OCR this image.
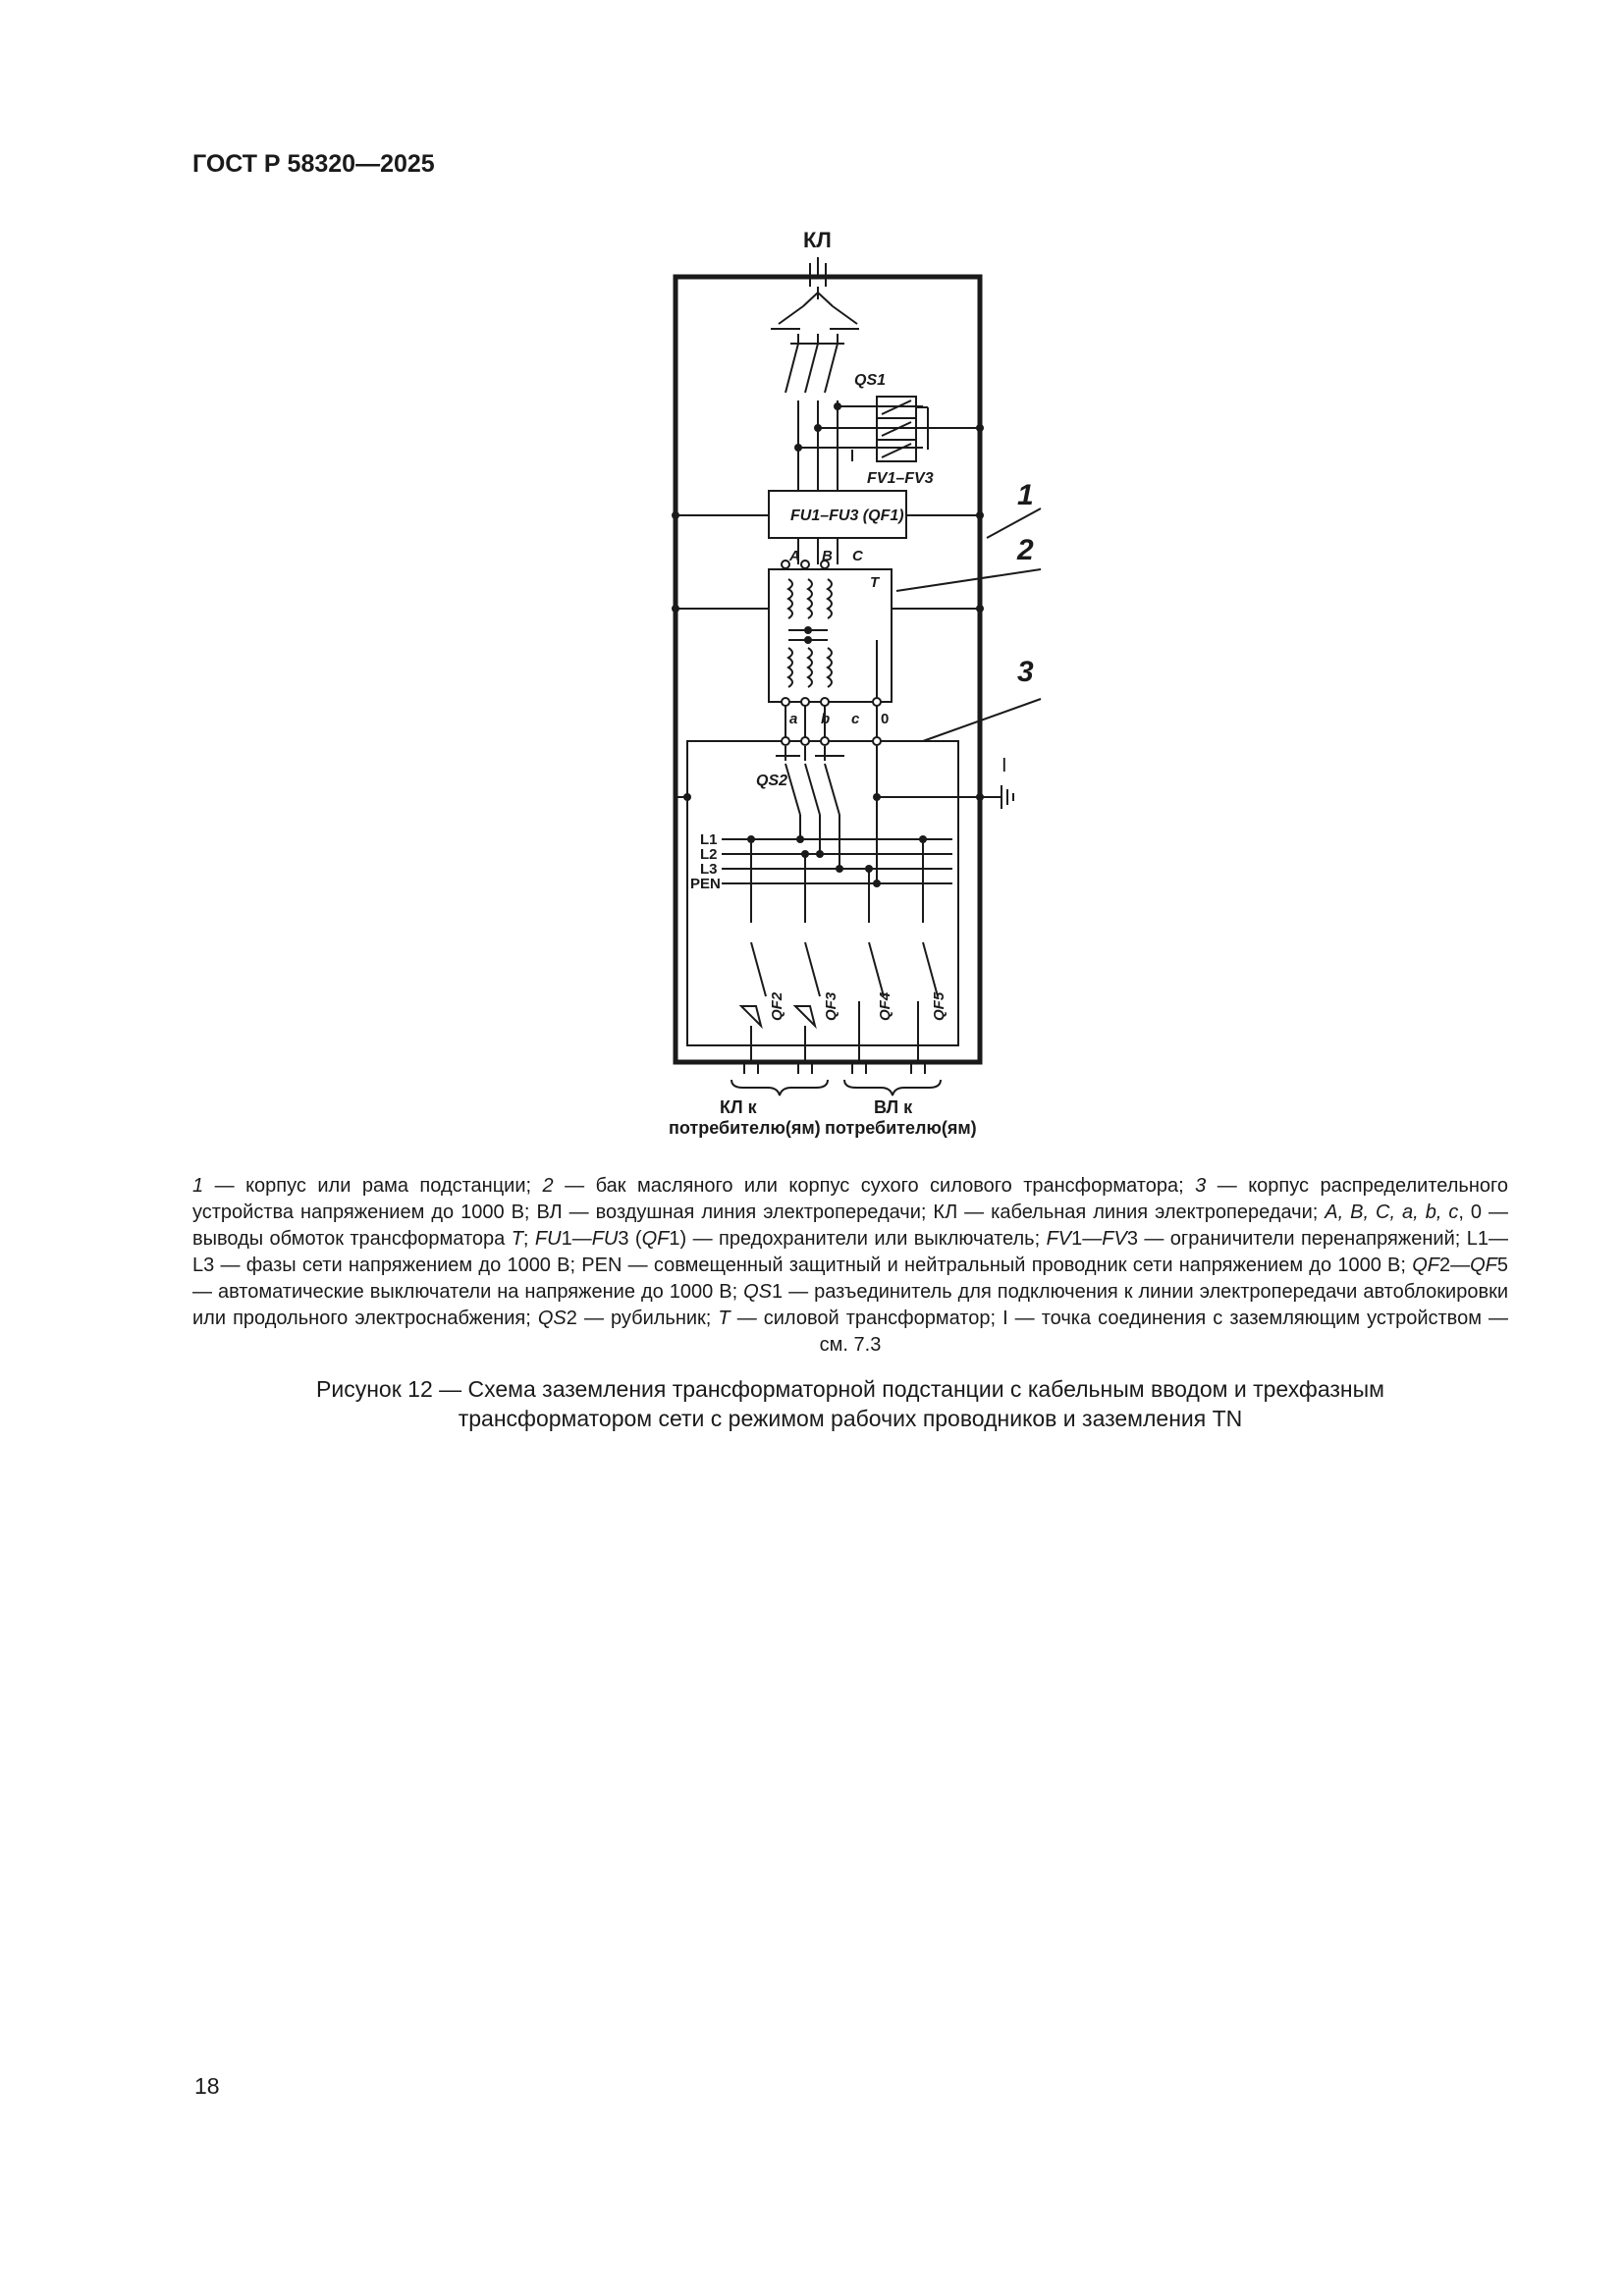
ГОСТ Р 58320—2025
КЛ
QS1
FV1–FV3
FU1–FU3 (QF1)
A B C
T
a b c 0
QS2
L1
L2
L3
PEN
QF2	QF3	QF4	QF5
1
2
3
I
КЛ к
потребителю(ям)
ВЛ к
потребителю(ям)
1 — корпус или рама подстанции; 2 — бак масляного или корпус сухого силового трансформатора; 3 — корпус распределительного устройства напряжением до 1000 В; ВЛ — воздушная линия электропередачи; КЛ — кабельная линия электропередачи; A, B, C, a, b, c, 0 — выводы обмоток трансформатора T; FU1—FU3 (QF1) — предохранители или выключатель; FV1—FV3 — ограничители перенапряжений; L1—L3 — фазы сети напряжением до 1000 В; PEN — совмещенный защитный и нейтральный проводник сети напряжением до 1000 В; QF2—QF5 — автоматические выключатели на напряжение до 1000 В; QS1 — разъединитель для подключения к линии электропередачи автоблокировки или продольного электроснабжения; QS2 — рубильник; T — силовой трансформатор; I — точка соединения с заземляющим устройством — см. 7.3
Рисунок 12 — Схема заземления трансформаторной подстанции с кабельным вводом и трехфазным
трансформатором сети с режимом рабочих проводников и заземления TN
18
